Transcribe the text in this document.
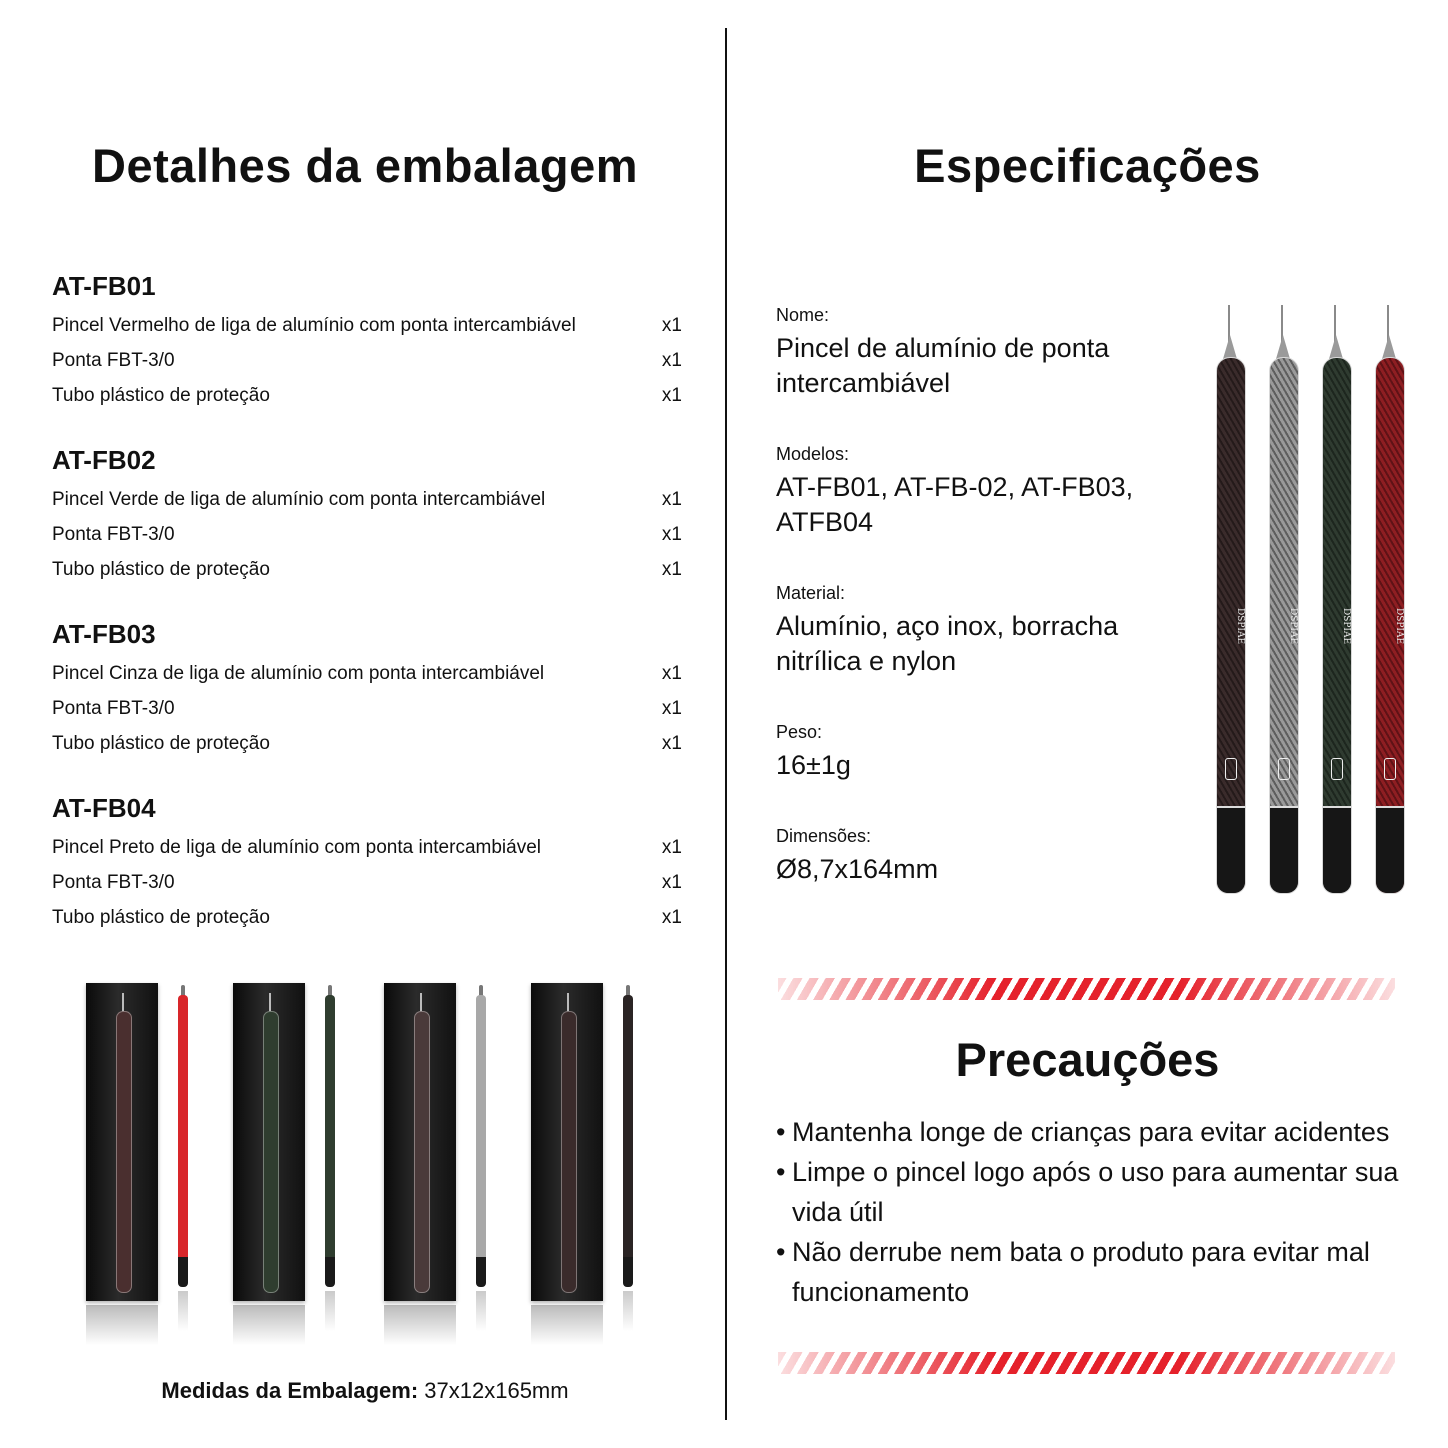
Detalhes da embalagem
AT-FB01
Pincel Vermelho de liga de alumínio com ponta intercambiável	x1
Ponta FBT-3/0	x1
Tubo plástico de proteção	x1
AT-FB02
Pincel Verde de liga de alumínio com ponta intercambiável	x1
Ponta FBT-3/0	x1
Tubo plástico de proteção	x1
AT-FB03
Pincel Cinza de liga de alumínio com ponta intercambiável	x1
Ponta FBT-3/0	x1
Tubo plástico de proteção	x1
AT-FB04
Pincel Preto de liga de alumínio com ponta intercambiável	x1
Ponta FBT-3/0	x1
Tubo plástico de proteção	x1
Medidas da Embalagem: 37x12x165mm
Especificações
Nome:
Pincel de alumínio de ponta intercambiável
Modelos:
AT-FB01, AT-FB-02, AT-FB03, ATFB04
Material:
Alumínio, aço inox, borracha nitrílica e nylon
Peso:
16±1g
Dimensões:
Ø8,7x164mm
DSPIAE	DSPIAE	DSPIAE	DSPIAE
Precauções
• Mantenha longe de crianças para evitar acidentes
• Limpe o pincel logo após o uso para aumentar sua vida útil
• Não derrube nem bata o produto para evitar mal funcionamento
